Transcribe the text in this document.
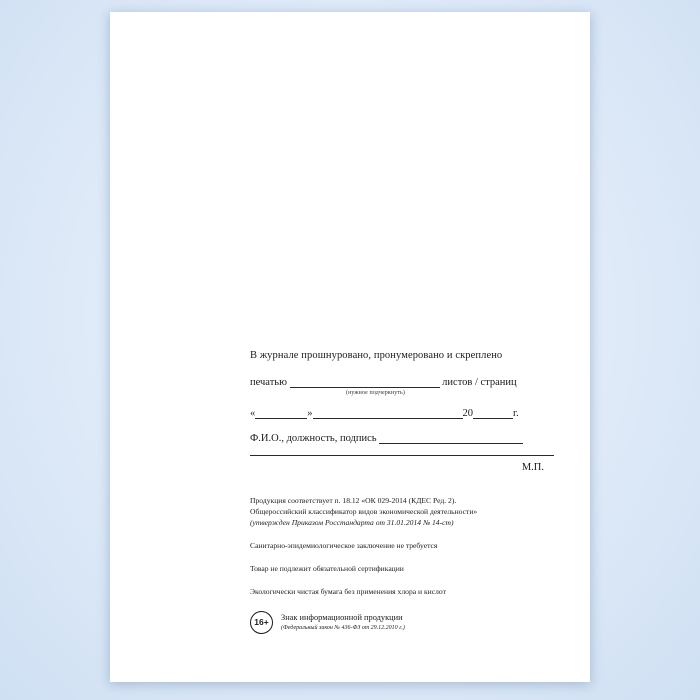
В журнале прошнуровано, пронумеровано и скреплено
печатью	листов / страниц
(нужное подчеркнуть)
«	»	20	г.
Ф.И.О., должность, подпись
М.П.

Продукция соответствует п. 18.12 «ОК 029-2014 (КДЕС Ред. 2).

Общероссийский классификатор видов экономической деятельности»

(утвержден Приказом Росстандарта от 31.01.2014 № 14-ст)

Санитарно-эпидемиологическое заключение не требуется

Товар не подлежит обязательной сертификации

Экологически чистая бумага без применения хлора и кислот

16+	Знак информационной продукции
(Федеральный закон № 436-ФЗ от 29.12.2010 г.)
